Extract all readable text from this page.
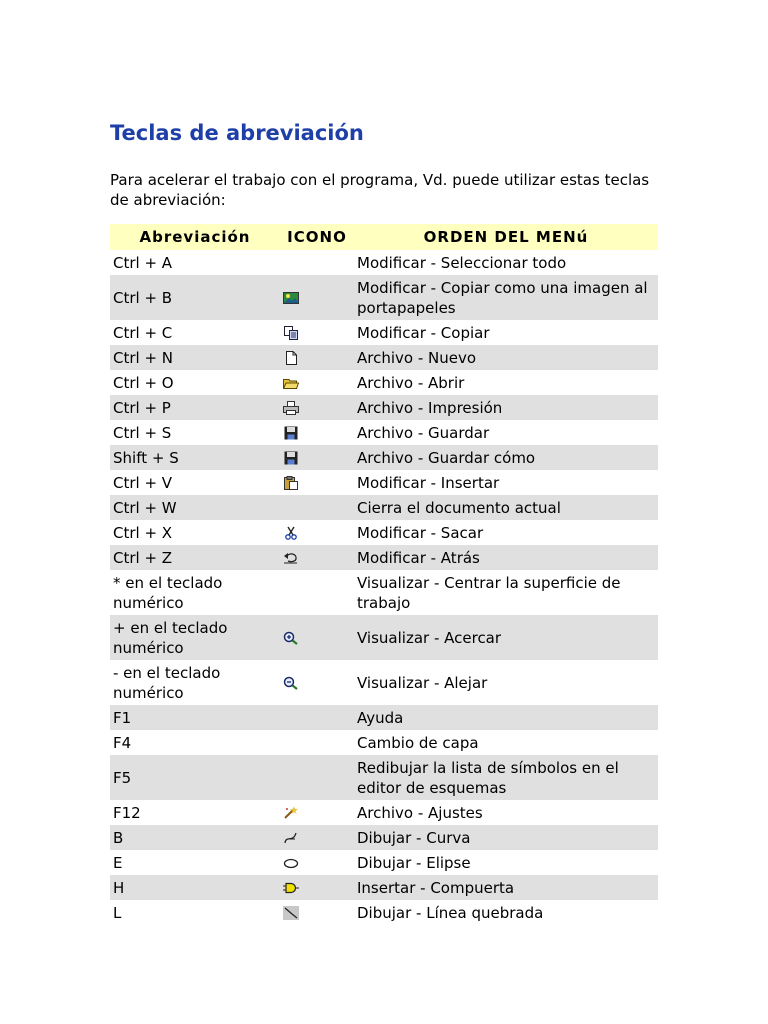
Teclas de abreviación

Para acelerar el trabajo con el programa, Vd. puede utilizar estas teclas de abreviación:

Abreviación	ICONO	ORDEN DEL MENú
Ctrl + A		Modificar - Seleccionar todo
Ctrl + B		Modificar - Copiar como una imagen al portapapeles
Ctrl + C		Modificar - Copiar
Ctrl + N		Archivo - Nuevo
Ctrl + O		Archivo - Abrir
Ctrl + P		Archivo - Impresión
Ctrl + S		Archivo - Guardar
Shift + S		Archivo - Guardar cómo
Ctrl + V		Modificar - Insertar
Ctrl + W		Cierra el documento actual
Ctrl + X		Modificar - Sacar
Ctrl + Z		Modificar - Atrás
* en el teclado numérico		Visualizar - Centrar la superficie de trabajo
+ en el teclado numérico		Visualizar - Acercar
- en el teclado numérico		Visualizar - Alejar
F1		Ayuda
F4		Cambio de capa
F5		Redibujar la lista de símbolos en el editor de esquemas
F12		Archivo - Ajustes
B		Dibujar - Curva
E		Dibujar - Elipse
H		Insertar - Compuerta
L		Dibujar - Línea quebrada
